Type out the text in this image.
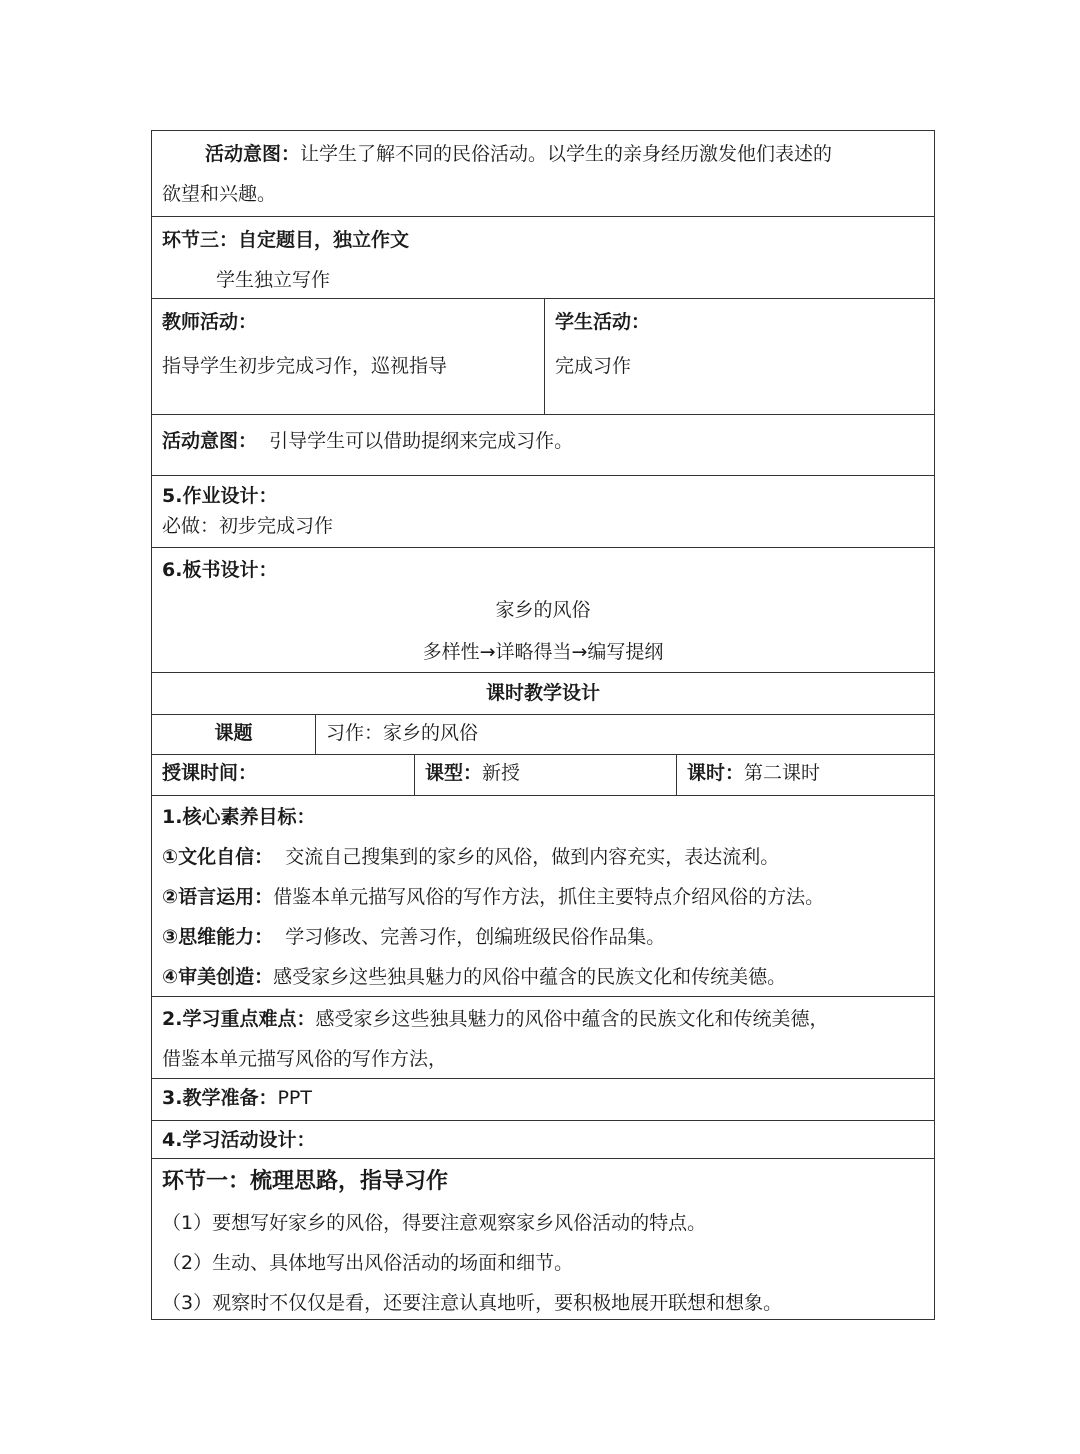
活动意图：让学生了解不同的民俗活动。以学生的亲身经历激发他们表述的
欲望和兴趣。
环节三：自定题目，独立作文
学生独立写作
教师活动：
指导学生初步完成习作，巡视指导
学生活动：
完成习作
活动意图： 引导学生可以借助提纲来完成习作。
5.作业设计：
必做：初步完成习作
6.板书设计：
家乡的风俗
多样性→详略得当→编写提纲
课时教学设计
课题	习作：家乡的风俗
授课时间：	课型：新授	课时：第二课时
1.核心素养目标：
①文化自信： 交流自己搜集到的家乡的风俗，做到内容充实，表达流利。
②语言运用：借鉴本单元描写风俗的写作方法，抓住主要特点介绍风俗的方法。
③思维能力： 学习修改、完善习作，创编班级民俗作品集。
④审美创造：感受家乡这些独具魅力的风俗中蕴含的民族文化和传统美德。
2.学习重点难点：感受家乡这些独具魅力的风俗中蕴含的民族文化和传统美德，
借鉴本单元描写风俗的写作方法，
3.教学准备：PPT
4.学习活动设计：
环节一：梳理思路，指导习作
（1）要想写好家乡的风俗，得要注意观察家乡风俗活动的特点。
（2）生动、具体地写出风俗活动的场面和细节。
（3）观察时不仅仅是看，还要注意认真地听，要积极地展开联想和想象。
